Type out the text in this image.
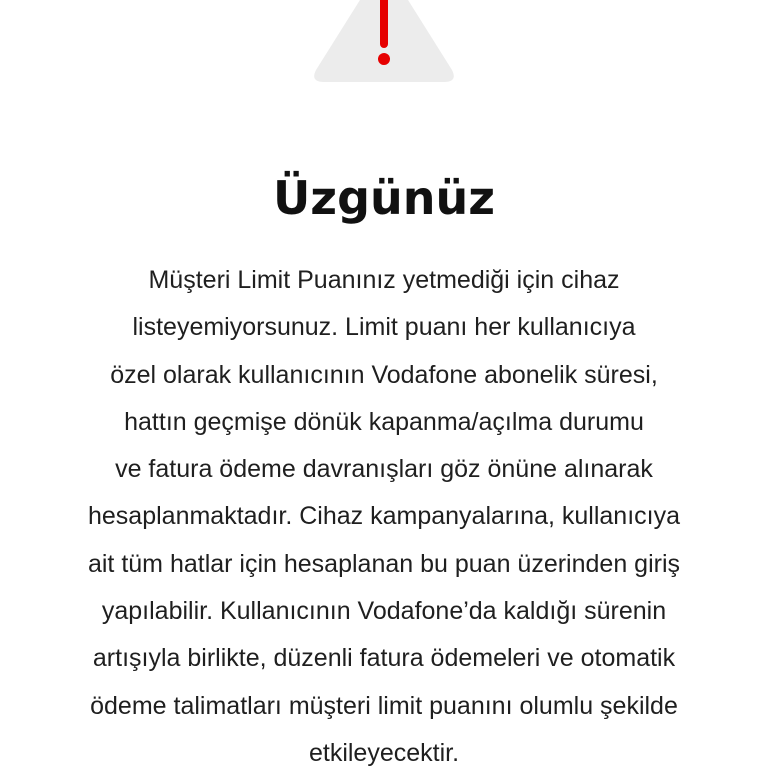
Üzgünüz
Müşteri Limit Puanınız yetmediği için cihaz
listeyemiyorsunuz. Limit puanı her kullanıcıya
özel olarak kullanıcının Vodafone abonelik süresi,
hattın geçmişe dönük kapanma/açılma durumu
ve fatura ödeme davranışları göz önüne alınarak
hesaplanmaktadır. Cihaz kampanyalarına, kullanıcıya
ait tüm hatlar için hesaplanan bu puan üzerinden giriş
yapılabilir. Kullanıcının Vodafone’da kaldığı sürenin
artışıyla birlikte, düzenli fatura ödemeleri ve otomatik
ödeme talimatları müşteri limit puanını olumlu şekilde
etkileyecektir.
